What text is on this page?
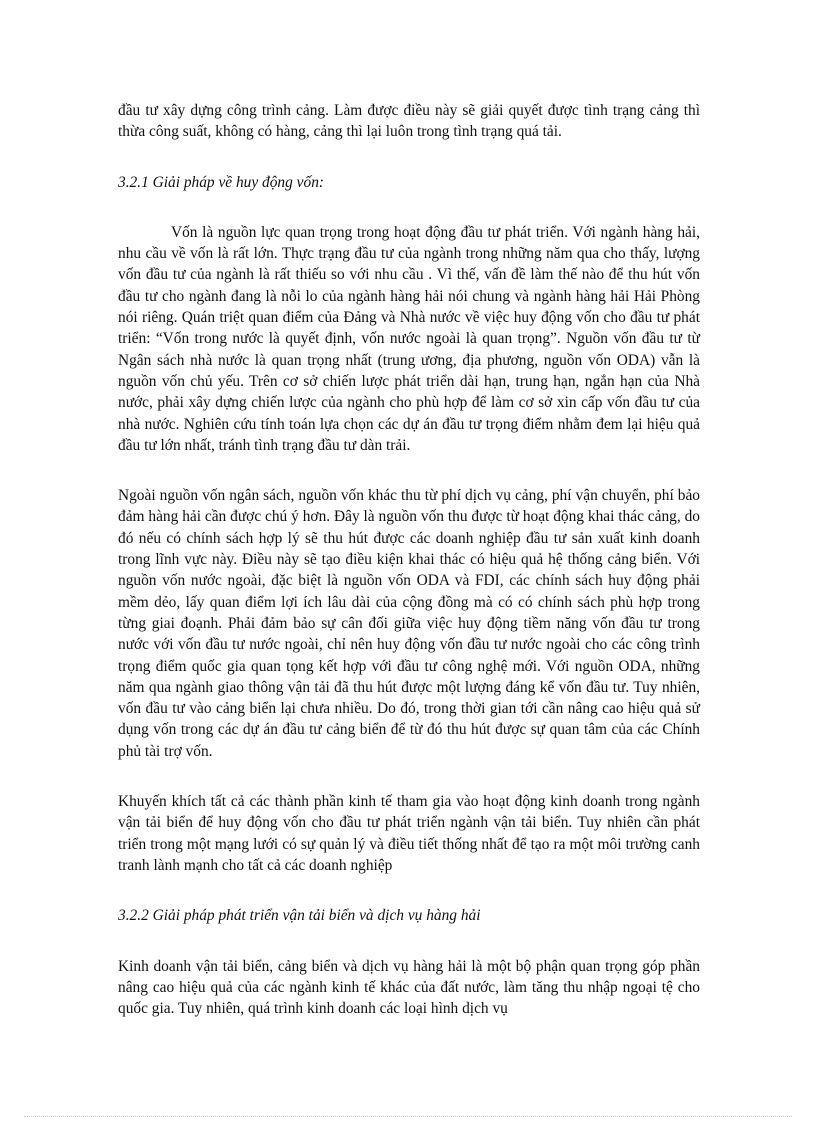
đầu tư xây dựng công trình cảng. Làm được điều này sẽ giải quyết được tình trạng cảng thì thừa công suất, không có hàng, cảng thì lại luôn trong tình trạng quá tải.

3.2.1 Giải pháp về huy động vốn:

Vốn là nguồn lực quan trọng trong hoạt động đầu tư phát triển. Với ngành hàng hải, nhu cầu về vốn là rất lớn. Thực trạng đầu tư của ngành trong những năm qua cho thấy, lượng vốn đầu tư của ngành là rất thiếu so với nhu cầu . Vì thế, vấn đề làm thế nào để thu hút vốn đầu tư cho ngành đang là nỗi lo của ngành hàng hải nói chung và ngành hàng hải Hải Phòng nói riêng. Quán triệt quan điểm của Đảng và Nhà nước về việc huy động vốn cho đầu tư phát triển: “Vốn trong nước là quyết định, vốn nước ngoài là quan trọng”. Nguồn vốn đầu tư từ Ngân sách nhà nước là quan trọng nhất (trung ương, địa phương, nguồn vốn ODA) vẫn là nguồn vốn chủ yếu. Trên cơ sở chiến lược phát triển dài hạn, trung hạn, ngắn hạn của Nhà nước, phải xây dựng chiến lược của ngành cho phù hợp để làm cơ sở xin cấp vốn đầu tư của nhà nước. Nghiên cứu tính toán lựa chọn các dự án đầu tư trọng điểm nhằm đem lại hiệu quả đầu tư lớn nhất, tránh tình trạng đầu tư dàn trải.

Ngoài nguồn vốn ngân sách, nguồn vốn khác thu từ phí dịch vụ cảng, phí vận chuyển, phí bảo đảm hàng hải cần được chú ý hơn. Đây là nguồn vốn thu được từ hoạt động khai thác cảng, do đó nếu có chính sách hợp lý sẽ thu hút được các doanh nghiệp đầu tư sản xuất kinh doanh trong lĩnh vực này. Điều này sẽ tạo điều kiện khai thác có hiệu quả hệ thống cảng biển. Với nguồn vốn nước ngoài, đặc biệt là nguồn vốn ODA và FDI, các chính sách huy động phải mềm dẻo, lấy quan điểm lợi ích lâu dài của cộng đồng mà có có chính sách phù hợp trong từng giai đoạnh. Phải đảm bảo sự cân đối giữa việc huy động tiềm năng vốn đầu tư trong nước với vốn đầu tư nước ngoài, chỉ nên huy động vốn đầu tư nước ngoài cho các công trình trọng điểm quốc gia quan tọng kết hợp với đầu tư công nghệ mới. Với nguồn ODA, những năm qua ngành giao thông vận tải đã thu hút được một lượng đáng kể vốn đầu tư. Tuy nhiên, vốn đầu tư vào cảng biển lại chưa nhiều. Do đó, trong thời gian tới cần nâng cao hiệu quả sử dụng vốn trong các dự án đầu tư cảng biển để từ đó thu hút được sự quan tâm của các Chính phủ tài trợ vốn.

Khuyến khích tất cả các thành phần kinh tế tham gia vào hoạt động kinh doanh trong ngành vận tải biển để huy động vốn cho đầu tư phát triển ngành vận tải biển. Tuy nhiên cần phát triển trong một mạng lưới có sự quản lý và điều tiết thống nhất để tạo ra một môi trường canh tranh lành mạnh cho tất cả các doanh nghiệp

3.2.2 Giải pháp phát triển vận tải biển và dịch vụ hàng hải

Kinh doanh vận tải biển, cảng biển và dịch vụ hàng hải là một bộ phận quan trọng góp phần nâng cao hiệu quả của các ngành kinh tế khác của đất nước, làm tăng thu nhập ngoại tệ cho quốc gia. Tuy nhiên, quá trình kinh doanh các loại hình dịch vụ
